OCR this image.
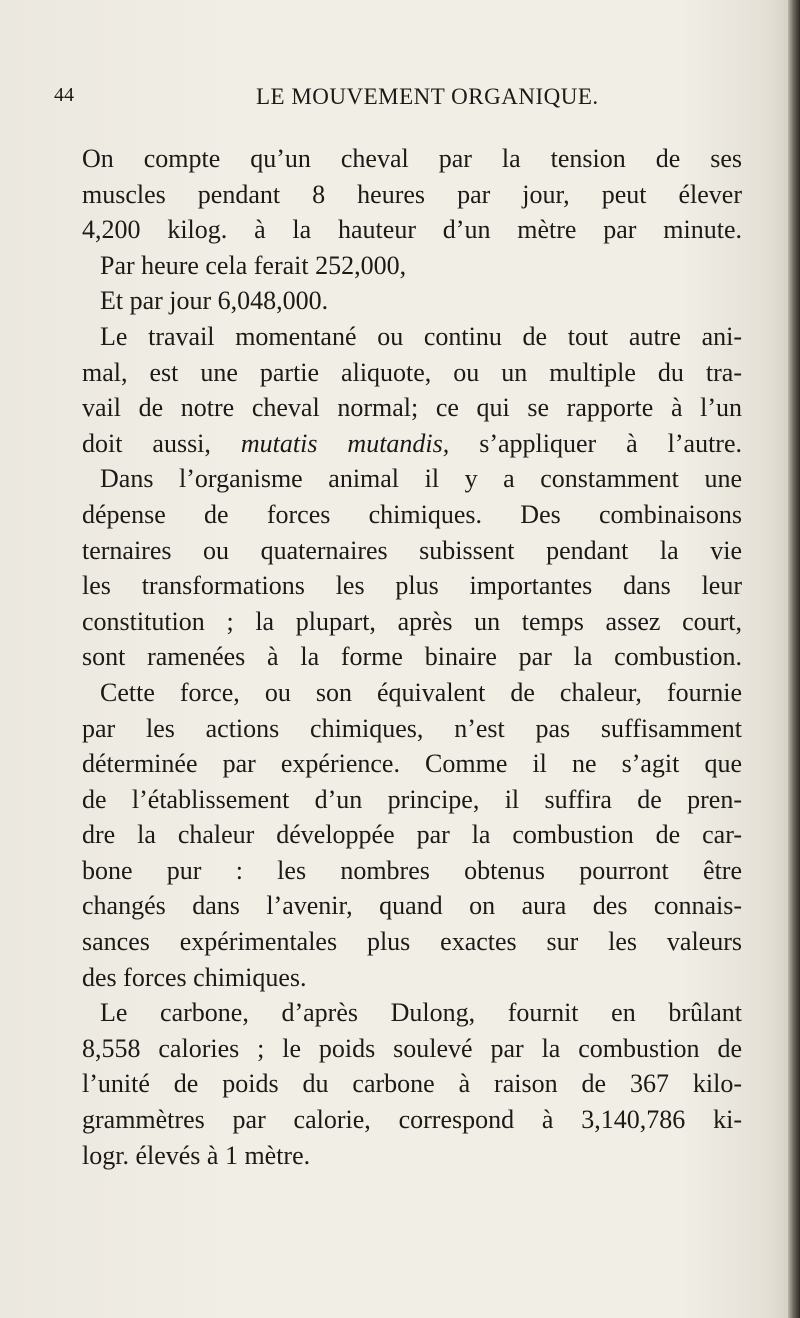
44	LE MOUVEMENT ORGANIQUE.
On compte qu’un cheval par la tension de ses
muscles pendant 8 heures par jour, peut élever
4,200 kilog. à la hauteur d’un mètre par minute.
Par heure cela ferait 252,000,
Et par jour 6,048,000.
Le travail momentané ou continu de tout autre ani-
mal, est une partie aliquote, ou un multiple du tra-
vail de notre cheval normal; ce qui se rapporte à l’un
doit aussi, mutatis mutandis, s’appliquer à l’autre.
Dans l’organisme animal il y a constamment une
dépense de forces chimiques. Des combinaisons
ternaires ou quaternaires subissent pendant la vie
les transformations les plus importantes dans leur
constitution ; la plupart, après un temps assez court,
sont ramenées à la forme binaire par la combustion.
Cette force, ou son équivalent de chaleur, fournie
par les actions chimiques, n’est pas suffisamment
déterminée par expérience. Comme il ne s’agit que
de l’établissement d’un principe, il suffira de pren-
dre la chaleur développée par la combustion de car-
bone pur : les nombres obtenus pourront être
changés dans l’avenir, quand on aura des connais-
sances expérimentales plus exactes sur les valeurs
des forces chimiques.
Le carbone, d’après Dulong, fournit en brûlant
8,558 calories ; le poids soulevé par la combustion de
l’unité de poids du carbone à raison de 367 kilo-
grammètres par calorie, correspond à 3,140,786 ki-
logr. élevés à 1 mètre.
